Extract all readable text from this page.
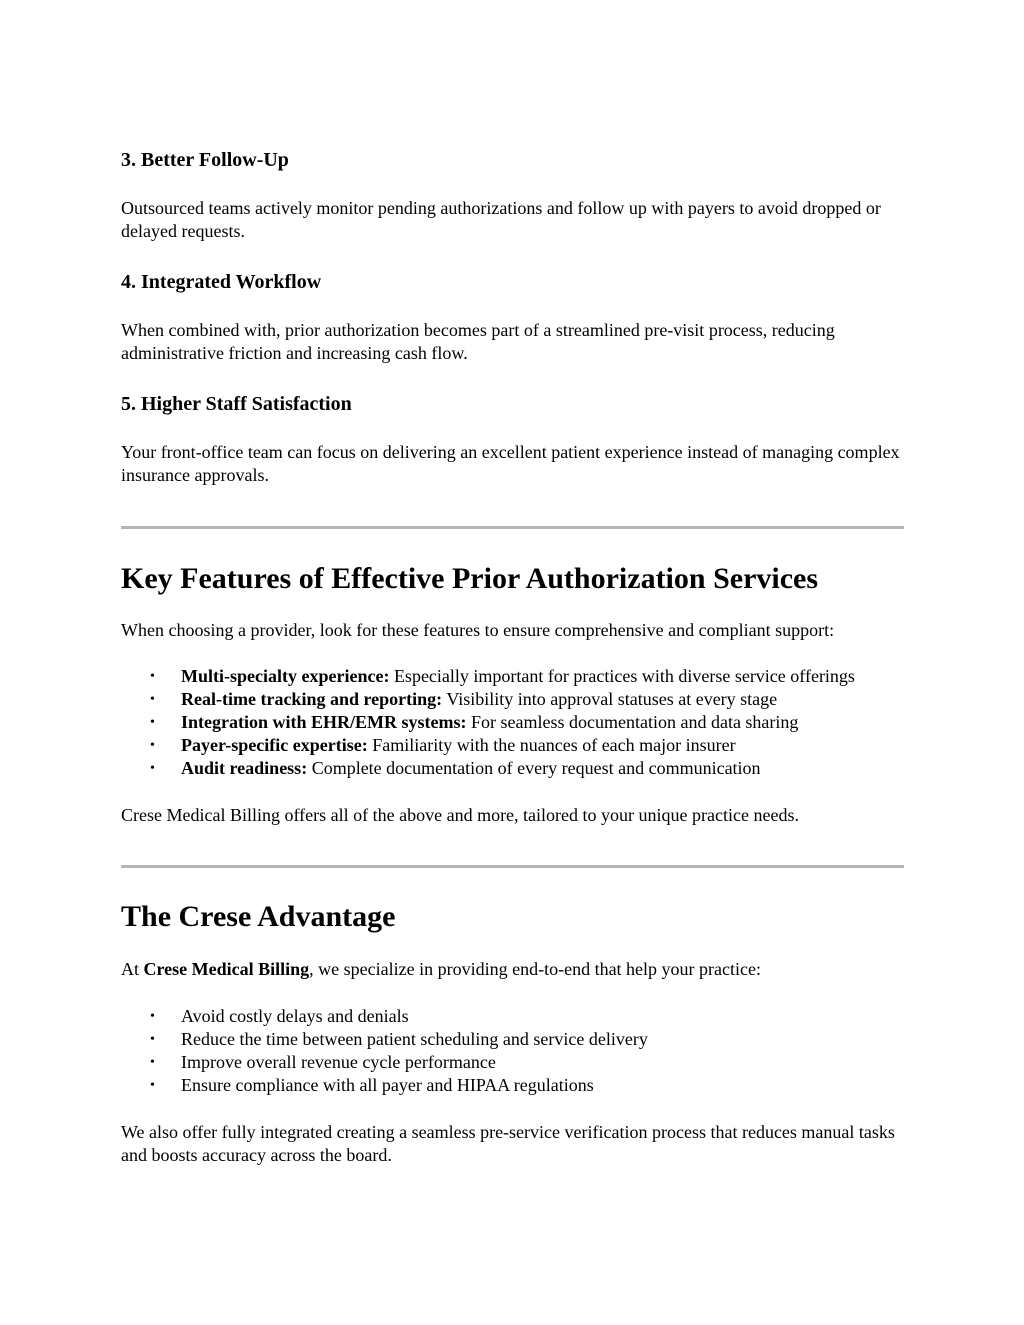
3. Better Follow-Up

Outsourced teams actively monitor pending authorizations and follow up with payers to avoid dropped or delayed requests.

4. Integrated Workflow

When combined with, prior authorization becomes part of a streamlined pre-visit process, reducing administrative friction and increasing cash flow.

5. Higher Staff Satisfaction

Your front-office team can focus on delivering an excellent patient experience instead of managing complex insurance approvals.

Key Features of Effective Prior Authorization Services

When choosing a provider, look for these features to ensure comprehensive and compliant support:

• Multi-specialty experience: Especially important for practices with diverse service offerings
• Real-time tracking and reporting: Visibility into approval statuses at every stage
• Integration with EHR/EMR systems: For seamless documentation and data sharing
• Payer-specific expertise: Familiarity with the nuances of each major insurer
• Audit readiness: Complete documentation of every request and communication

Crese Medical Billing offers all of the above and more, tailored to your unique practice needs.

The Crese Advantage

At Crese Medical Billing, we specialize in providing end-to-end that help your practice:

• Avoid costly delays and denials
• Reduce the time between patient scheduling and service delivery
• Improve overall revenue cycle performance
• Ensure compliance with all payer and HIPAA regulations

We also offer fully integrated creating a seamless pre-service verification process that reduces manual tasks and boosts accuracy across the board.
